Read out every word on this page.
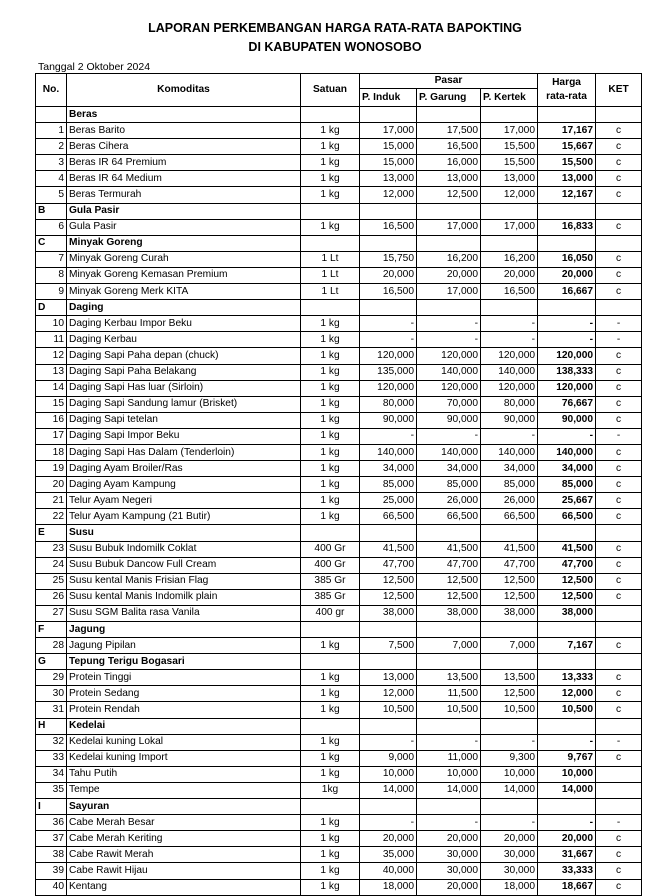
LAPORAN PERKEMBANGAN HARGA RATA-RATA BAPOKTING
DI KABUPATEN WONOSOBO
Tanggal 2 Oktober 2024
No.	Komoditas	Satuan	Pasar			Harga
rata-rata	KET
			P. Induk	P. Garung	P. Kertek		
	Beras						
1	Beras Barito	1 kg	17,000	17,500	17,000	17,167	c
2	Beras Cihera	1 kg	15,000	16,500	15,500	15,667	c
3	Beras IR 64 Premium	1 kg	15,000	16,000	15,500	15,500	c
4	Beras IR 64 Medium	1 kg	13,000	13,000	13,000	13,000	c
5	Beras Termurah	1 kg	12,000	12,500	12,000	12,167	c
B	Gula Pasir						
6	Gula Pasir	1 kg	16,500	17,000	17,000	16,833	c
C	Minyak Goreng						
7	Minyak Goreng Curah	1 Lt	15,750	16,200	16,200	16,050	c
8	Minyak Goreng Kemasan Premium	1 Lt	20,000	20,000	20,000	20,000	c
9	Minyak Goreng Merk KITA	1 Lt	16,500	17,000	16,500	16,667	c
D	Daging						
10	Daging Kerbau Impor Beku	1 kg	-	-	-	-	-
11	Daging Kerbau	1 kg	-	-	-	-	-
12	Daging Sapi Paha depan (chuck)	1 kg	120,000	120,000	120,000	120,000	c
13	Daging Sapi Paha Belakang	1 kg	135,000	140,000	140,000	138,333	c
14	Daging Sapi Has luar (Sirloin)	1 kg	120,000	120,000	120,000	120,000	c
15	Daging Sapi Sandung lamur (Brisket)	1 kg	80,000	70,000	80,000	76,667	c
16	Daging Sapi tetelan	1 kg	90,000	90,000	90,000	90,000	c
17	Daging Sapi Impor Beku	1 kg	-	-	-	-	-
18	Daging Sapi Has Dalam (Tenderloin)	1 kg	140,000	140,000	140,000	140,000	c
19	Daging Ayam Broiler/Ras	1 kg	34,000	34,000	34,000	34,000	c
20	Daging Ayam Kampung	1 kg	85,000	85,000	85,000	85,000	c
21	Telur Ayam Negeri	1 kg	25,000	26,000	26,000	25,667	c
22	Telur Ayam Kampung (21 Butir)	1 kg	66,500	66,500	66,500	66,500	c
E	Susu						
23	Susu Bubuk Indomilk Coklat	400 Gr	41,500	41,500	41,500	41,500	c
24	Susu Bubuk Dancow Full Cream	400 Gr	47,700	47,700	47,700	47,700	c
25	Susu kental Manis Frisian Flag	385 Gr	12,500	12,500	12,500	12,500	c
26	Susu kental Manis Indomilk plain	385 Gr	12,500	12,500	12,500	12,500	c
27	Susu SGM Balita rasa Vanila	400 gr	38,000	38,000	38,000	38,000	
F	Jagung						
28	Jagung Pipilan	1 kg	7,500	7,000	7,000	7,167	c
G	Tepung Terigu Bogasari						
29	Protein Tinggi	1 kg	13,000	13,500	13,500	13,333	c
30	Protein Sedang	1 kg	12,000	11,500	12,500	12,000	c
31	Protein Rendah	1 kg	10,500	10,500	10,500	10,500	c
H	Kedelai						
32	Kedelai kuning Lokal	1 kg	-	-	-	-	-
33	Kedelai kuning Import	1 kg	9,000	11,000	9,300	9,767	c
34	Tahu Putih	1 kg	10,000	10,000	10,000	10,000	
35	Tempe	1kg	14,000	14,000	14,000	14,000	
I	Sayuran						
36	Cabe Merah Besar	1 kg	-	-	-	-	-
37	Cabe Merah Keriting	1 kg	20,000	20,000	20,000	20,000	c
38	Cabe Rawit Merah	1 kg	35,000	30,000	30,000	31,667	c
39	Cabe Rawit Hijau	1 kg	40,000	30,000	30,000	33,333	c
40	Kentang	1 kg	18,000	20,000	18,000	18,667	c
